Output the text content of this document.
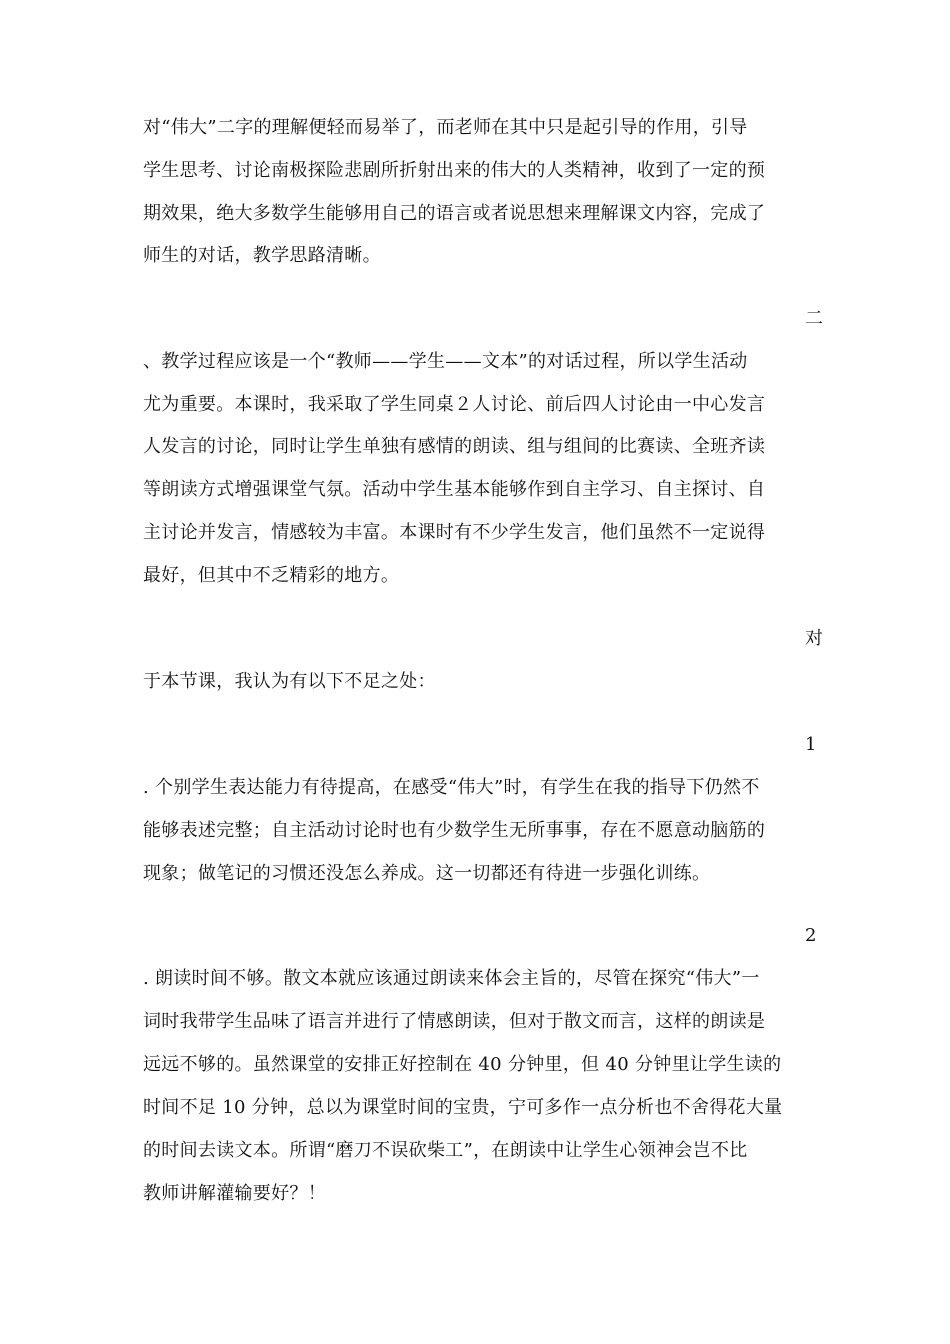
对“伟大”二字的理解便轻而易举了，而老师在其中只是起引导的作用，引导
学生思考、讨论南极探险悲剧所折射出来的伟大的人类精神，收到了一定的预
期效果，绝大多数学生能够用自己的语言或者说思想来理解课文内容，完成了
师生的对话，教学思路清晰。
二
、教学过程应该是一个“教师——学生——文本”的对话过程，所以学生活动
尤为重要。本课时，我采取了学生同桌２人讨论、前后四人讨论由一中心发言
人发言的讨论，同时让学生单独有感情的朗读、组与组间的比赛读、全班齐读
等朗读方式增强课堂气氛。活动中学生基本能够作到自主学习、自主探讨、自
主讨论并发言，情感较为丰富。本课时有不少学生发言，他们虽然不一定说得
最好，但其中不乏精彩的地方。
对
于本节课，我认为有以下不足之处：
1
. 个别学生表达能力有待提高，在感受“伟大”时，有学生在我的指导下仍然不
能够表述完整；自主活动讨论时也有少数学生无所事事，存在不愿意动脑筋的
现象；做笔记的习惯还没怎么养成。这一切都还有待进一步强化训练。
2
. 朗读时间不够。散文本就应该通过朗读来体会主旨的，尽管在探究“伟大”一
词时我带学生品味了语言并进行了情感朗读，但对于散文而言，这样的朗读是
远远不够的。虽然课堂的安排正好控制在 40 分钟里，但 40 分钟里让学生读的
时间不足 10 分钟，总以为课堂时间的宝贵，宁可多作一点分析也不舍得花大量
的时间去读文本。所谓“磨刀不误砍柴工”，在朗读中让学生心领神会岂不比
教师讲解灌输要好？！
